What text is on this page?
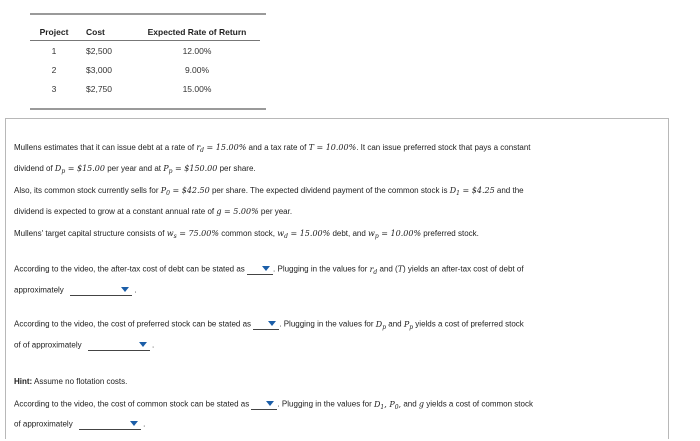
Project	Cost	Expected Rate of Return
1	$2,500	12.00%
2	$3,000	9.00%
3	$2,750	15.00%
Mullens estimates that it can issue debt at a rate of $r_d = 15.00\%$ and a tax rate of T = 10.00%. It can issue preferred stock that pays a constant
dividend of $D_p$ = $15.00 per year and at $P_p$ = $150.00 per share.
Also, its common stock currently sells for $P_0$ = $42.50 per share. The expected dividend payment of the common stock is $D_1$ = $4.25 and the
dividend is expected to grow at a constant annual rate of g = 5.00% per year.
Mullens' target capital structure consists of $w_s = 75.00\%$ common stock, $w_d = 15.00\%$ debt, and $w_p = 10.00\%$ preferred stock.
According to the video, the after-tax cost of debt can be stated as	. Plugging in the values for $r_d$ and (T) yields an after-tax cost of debt of
approximately	.
According to the video, the cost of preferred stock can be stated as	. Plugging in the values for $D_p$ and $P_p$ yields a cost of preferred stock
of of approximately	.
Hint: Assume no flotation costs.
According to the video, the cost of common stock can be stated as	. Plugging in the values for $D_1$, $P_0$, and g yields a cost of common stock
of approximately	.
